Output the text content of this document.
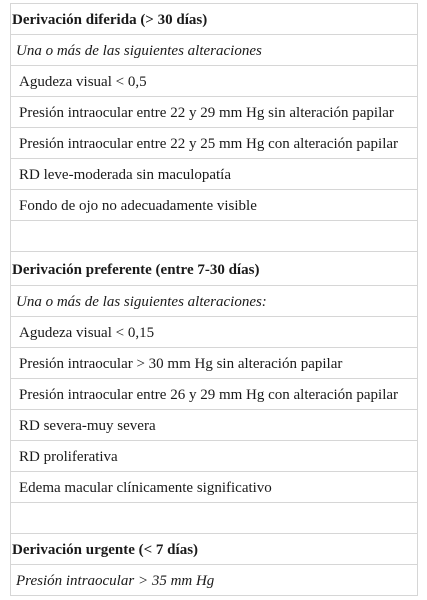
Derivación diferida (> 30 días)
Una o más de las siguientes alteraciones
Agudeza visual < 0,5
Presión intraocular entre 22 y 29 mm Hg sin alteración papilar
Presión intraocular entre 22 y 25 mm Hg con alteración papilar
RD leve-moderada sin maculopatía
Fondo de ojo no adecuadamente visible
Derivación preferente (entre 7-30 días)
Una o más de las siguientes alteraciones:
Agudeza visual < 0,15
Presión intraocular > 30 mm Hg sin alteración papilar
Presión intraocular entre 26 y 29 mm Hg con alteración papilar
RD severa-muy severa
RD proliferativa
Edema macular clínicamente significativo
Derivación urgente (< 7 días)
Presión intraocular > 35 mm Hg
